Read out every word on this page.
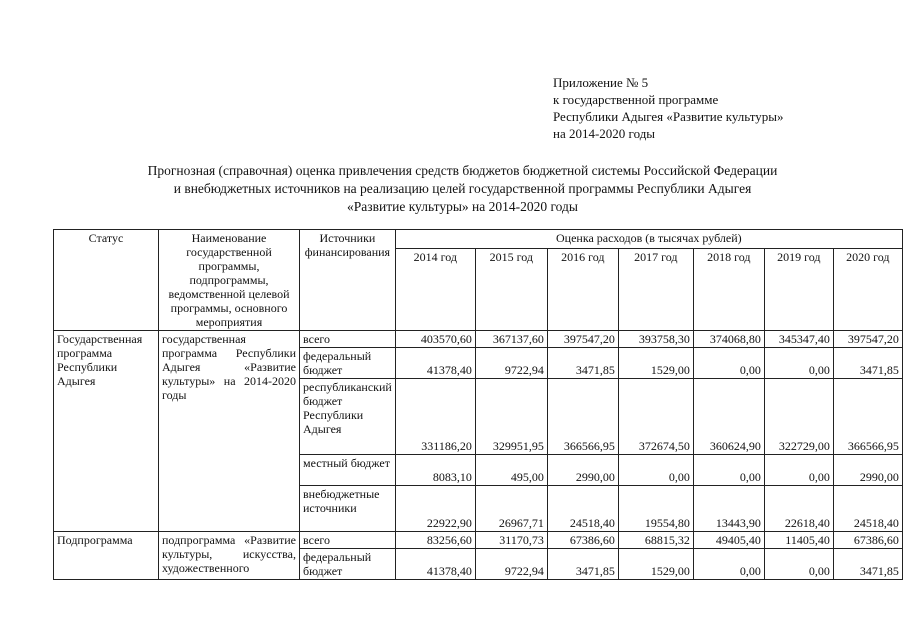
Приложение № 5
к государственной программе
Республики Адыгея «Развитие культуры»
на 2014-2020 годы
Прогнозная (справочная) оценка привлечения средств бюджетов бюджетной системы Российской Федерации
и внебюджетных источников на реализацию целей государственной программы Республики Адыгея
«Развитие культуры» на 2014-2020 годы
Статус	Наименование государственной программы, подпрограммы, ведомственной целевой программы, основного мероприятия	Источники финансирования	Оценка расходов (в тысячах рублей)						
			2014 год	2015 год	2016 год	2017 год	2018 год	2019 год	2020 год
Государственная программа Республики Адыгея	государственная программа Республики Адыгея «Развитие культуры» на 2014-2020 годы	всего	403570,60	367137,60	397547,20	393758,30	374068,80	345347,40	397547,20
		федеральный бюджет	41378,40	9722,94	3471,85	1529,00	0,00	0,00	3471,85
		республиканский бюджет Республики Адыгея	331186,20	329951,95	366566,95	372674,50	360624,90	322729,00	366566,95
		местный бюджет	8083,10	495,00	2990,00	0,00	0,00	0,00	2990,00
		внебюджетные источники	22922,90	26967,71	24518,40	19554,80	13443,90	22618,40	24518,40
Подпрограмма	подпрограмма «Развитие культуры, искусства, художественного	всего	83256,60	31170,73	67386,60	68815,32	49405,40	11405,40	67386,60
		федеральный бюджет	41378,40	9722,94	3471,85	1529,00	0,00	0,00	3471,85
